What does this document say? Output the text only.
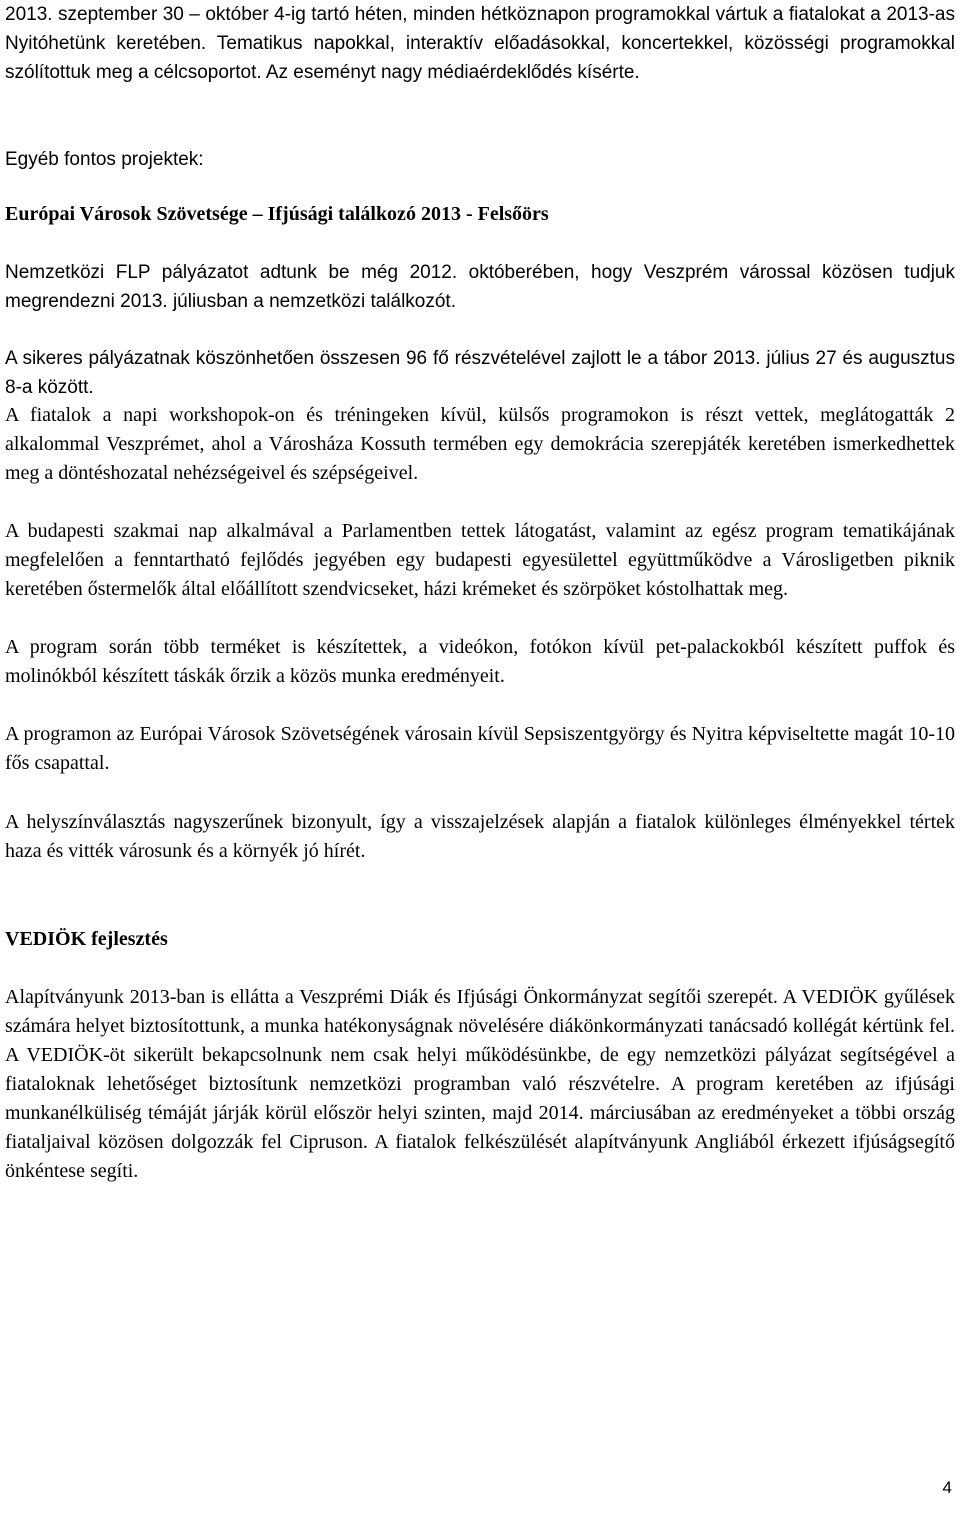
2013. szeptember 30 – október 4-ig tartó héten, minden hétköznapon programokkal vártuk a fiatalokat a 2013-as Nyitóhetünk keretében. Tematikus napokkal, interaktív előadásokkal, koncertekkel, közösségi programokkal szólítottuk meg a célcsoportot. Az eseményt nagy médiaérdeklődés kísérte.

Egyéb fontos projektek:

Európai Városok Szövetsége – Ifjúsági találkozó 2013 - Felsőörs

Nemzetközi FLP pályázatot adtunk be még 2012. októberében, hogy Veszprém várossal közösen tudjuk megrendezni 2013. júliusban a nemzetközi találkozót.

A sikeres pályázatnak köszönhetően összesen 96 fő részvételével zajlott le a tábor 2013. július 27 és augusztus 8-a között.

A fiatalok a napi workshopok-on és tréningeken kívül, külsős programokon is részt vettek, meglátogatták 2 alkalommal Veszprémet, ahol a Városháza Kossuth termében egy demokrácia szerepjáték keretében ismerkedhettek meg a döntéshozatal nehézségeivel és szépségeivel.

A budapesti szakmai nap alkalmával a Parlamentben tettek látogatást, valamint az egész program tematikájának megfelelően a fenntartható fejlődés jegyében egy budapesti egyesülettel együttműködve a Városligetben piknik keretében őstermelők által előállított szendvicseket, házi krémeket és szörpöket kóstolhattak meg.

A program során több terméket is készítettek, a videókon, fotókon kívül pet-palackokból készített puffok és molinókból készített táskák őrzik a közös munka eredményeit.

A programon az Európai Városok Szövetségének városain kívül Sepsiszentgyörgy és Nyitra képviseltette magát 10-10 fős csapattal.

A helyszínválasztás nagyszerűnek bizonyult, így a visszajelzések alapján a fiatalok különleges élményekkel tértek haza és vitték városunk és a környék jó hírét.

VEDIÖK fejlesztés

Alapítványunk 2013-ban is ellátta a Veszprémi Diák és Ifjúsági Önkormányzat segítői szerepét. A VEDIÖK gyűlések számára helyet biztosítottunk, a munka hatékonyságnak növelésére diákönkormányzati tanácsadó kollégát kértünk fel. A VEDIÖK-öt sikerült bekapcsolnunk nem csak helyi működésünkbe, de egy nemzetközi pályázat segítségével a fiataloknak lehetőséget biztosítunk nemzetközi programban való részvételre. A program keretében az ifjúsági munkanélküliség témáját járják körül először helyi szinten, majd 2014. márciusában az eredményeket a többi ország fiataljaival közösen dolgozzák fel Cipruson. A fiatalok felkészülését alapítványunk Angliából érkezett ifjúságsegítő önkéntese segíti.

4
